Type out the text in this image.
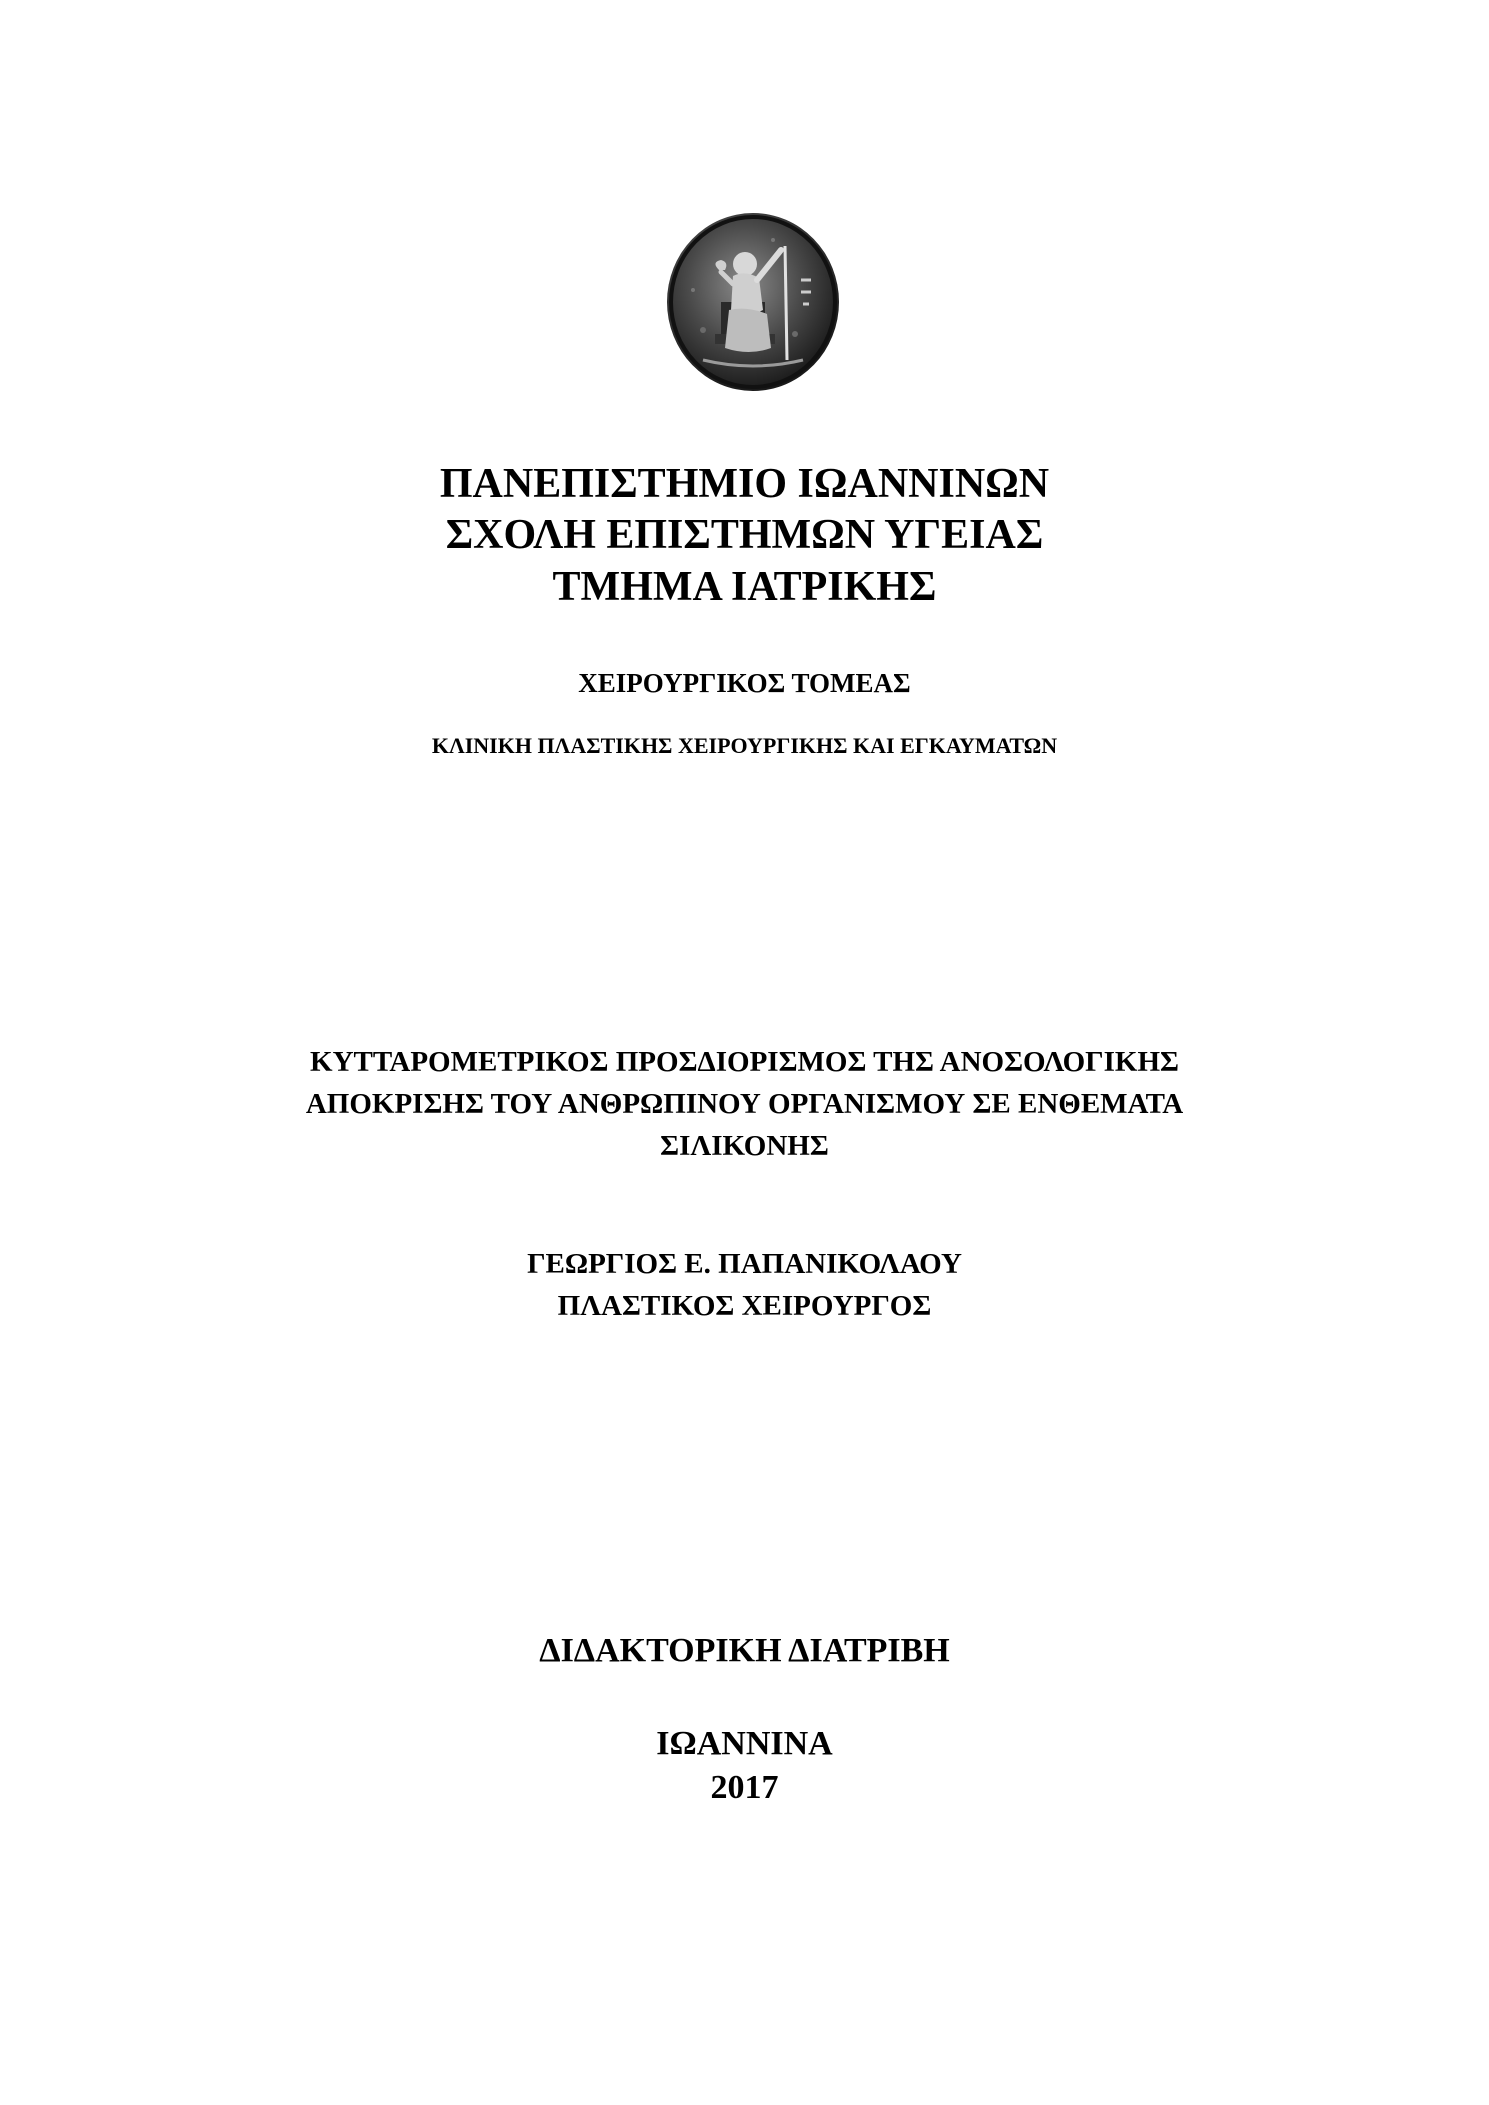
ΠΑΝΕΠΙΣΤΗΜΙΟ ΙΩΑΝΝΙΝΩΝ
ΣΧΟΛΗ ΕΠΙΣΤΗΜΩΝ ΥΓΕΙΑΣ
ΤΜΗΜΑ ΙΑΤΡΙΚΗΣ
ΧΕΙΡΟΥΡΓΙΚΟΣ ΤΟΜΕΑΣ
ΚΛΙΝΙΚΗ ΠΛΑΣΤΙΚΗΣ ΧΕΙΡΟΥΡΓΙΚΗΣ ΚΑΙ ΕΓΚΑΥΜΑΤΩΝ
ΚΥΤΤΑΡΟΜΕΤΡΙΚΟΣ ΠΡΟΣΔΙΟΡΙΣΜΟΣ ΤΗΣ ΑΝΟΣΟΛΟΓΙΚΗΣ
ΑΠΟΚΡΙΣΗΣ ΤΟΥ ΑΝΘΡΩΠΙΝΟΥ ΟΡΓΑΝΙΣΜΟΥ ΣΕ ΕΝΘΕΜΑΤΑ
ΣΙΛΙΚΟΝΗΣ
ΓΕΩΡΓΙΟΣ Ε. ΠΑΠΑΝΙΚΟΛΑΟΥ
ΠΛΑΣΤΙΚΟΣ ΧΕΙΡΟΥΡΓΟΣ
ΔΙΔΑΚΤΟΡΙΚΗ ΔΙΑΤΡΙΒΗ
ΙΩΑΝΝΙΝΑ
2017
